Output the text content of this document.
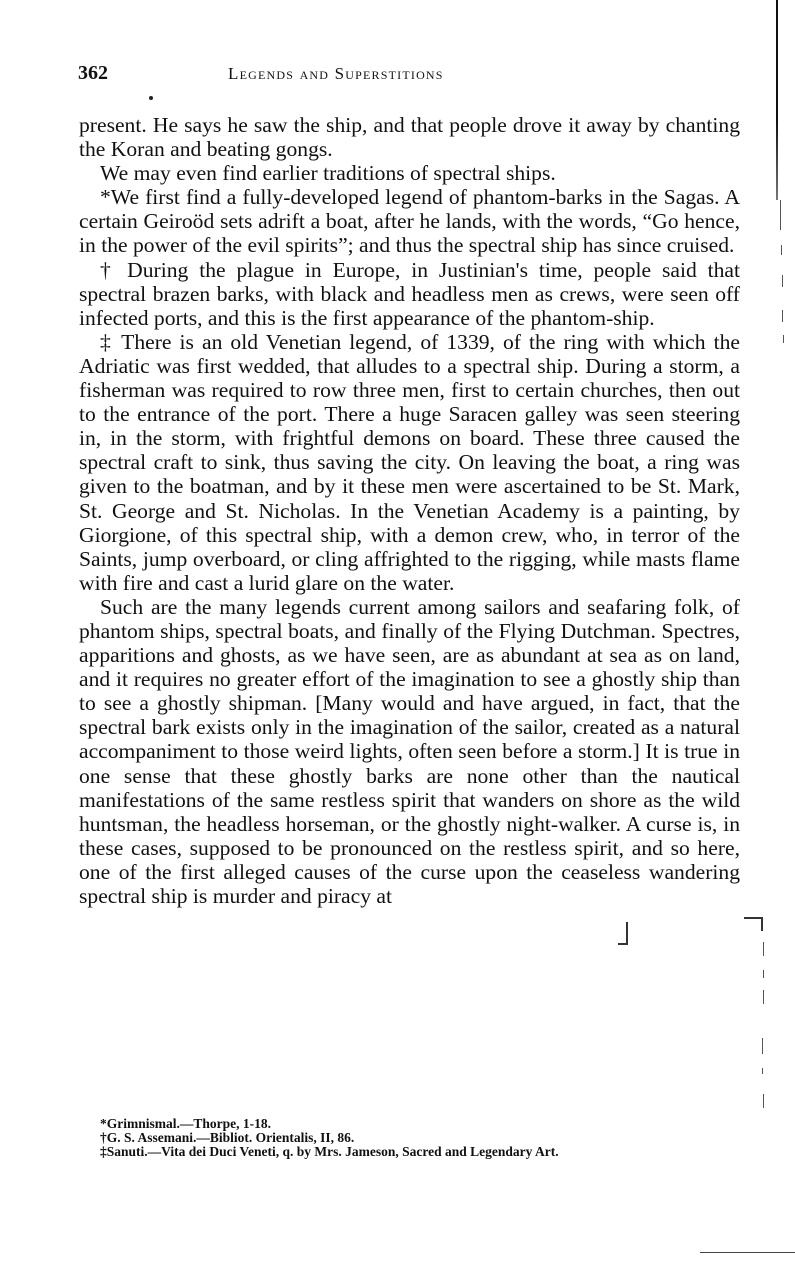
362	Legends and Superstitions

present. He says he saw the ship, and that people drove it away by chanting the Koran and beating gongs.

We may even find earlier traditions of spectral ships.

*We first find a fully-developed legend of phantom-barks in the Sagas. A certain Geiroöd sets adrift a boat, after he lands, with the words, “Go hence, in the power of the evil spirits”; and thus the spectral ship has since cruised.

† During the plague in Europe, in Justinian's time, people said that spectral brazen barks, with black and headless men as crews, were seen off infected ports, and this is the first appearance of the phantom-ship.

‡ There is an old Venetian legend, of 1339, of the ring with which the Adriatic was first wedded, that alludes to a spectral ship. During a storm, a fisherman was required to row three men, first to certain churches, then out to the entrance of the port. There a huge Saracen galley was seen steering in, in the storm, with frightful demons on board. These three caused the spectral craft to sink, thus saving the city. On leaving the boat, a ring was given to the boatman, and by it these men were ascertained to be St. Mark, St. George and St. Nicholas. In the Venetian Academy is a painting, by Giorgione, of this spectral ship, with a demon crew, who, in terror of the Saints, jump overboard, or cling affrighted to the rigging, while masts flame with fire and cast a lurid glare on the water.

Such are the many legends current among sailors and seafaring folk, of phantom ships, spectral boats, and finally of the Flying Dutchman. Spectres, apparitions and ghosts, as we have seen, are as abundant at sea as on land, and it requires no greater effort of the imagination to see a ghostly ship than to see a ghostly shipman. [Many would and have argued, in fact, that the spectral bark exists only in the imagination of the sailor, created as a natural accompaniment to those weird lights, often seen before a storm.] It is true in one sense that these ghostly barks are none other than the nautical manifestations of the same restless spirit that wanders on shore as the wild huntsman, the headless horseman, or the ghostly night-walker. A curse is, in these cases, supposed to be pronounced on the restless spirit, and so here, one of the first alleged causes of the curse upon the ceaseless wandering spectral ship is murder and piracy at

*Grimnismal.—Thorpe, 1-18.

†G. S. Assemani.—Bibliot. Orientalis, II, 86.

‡Sanuti.—Vita dei Duci Veneti, q. by Mrs. Jameson, Sacred and Legendary Art.
